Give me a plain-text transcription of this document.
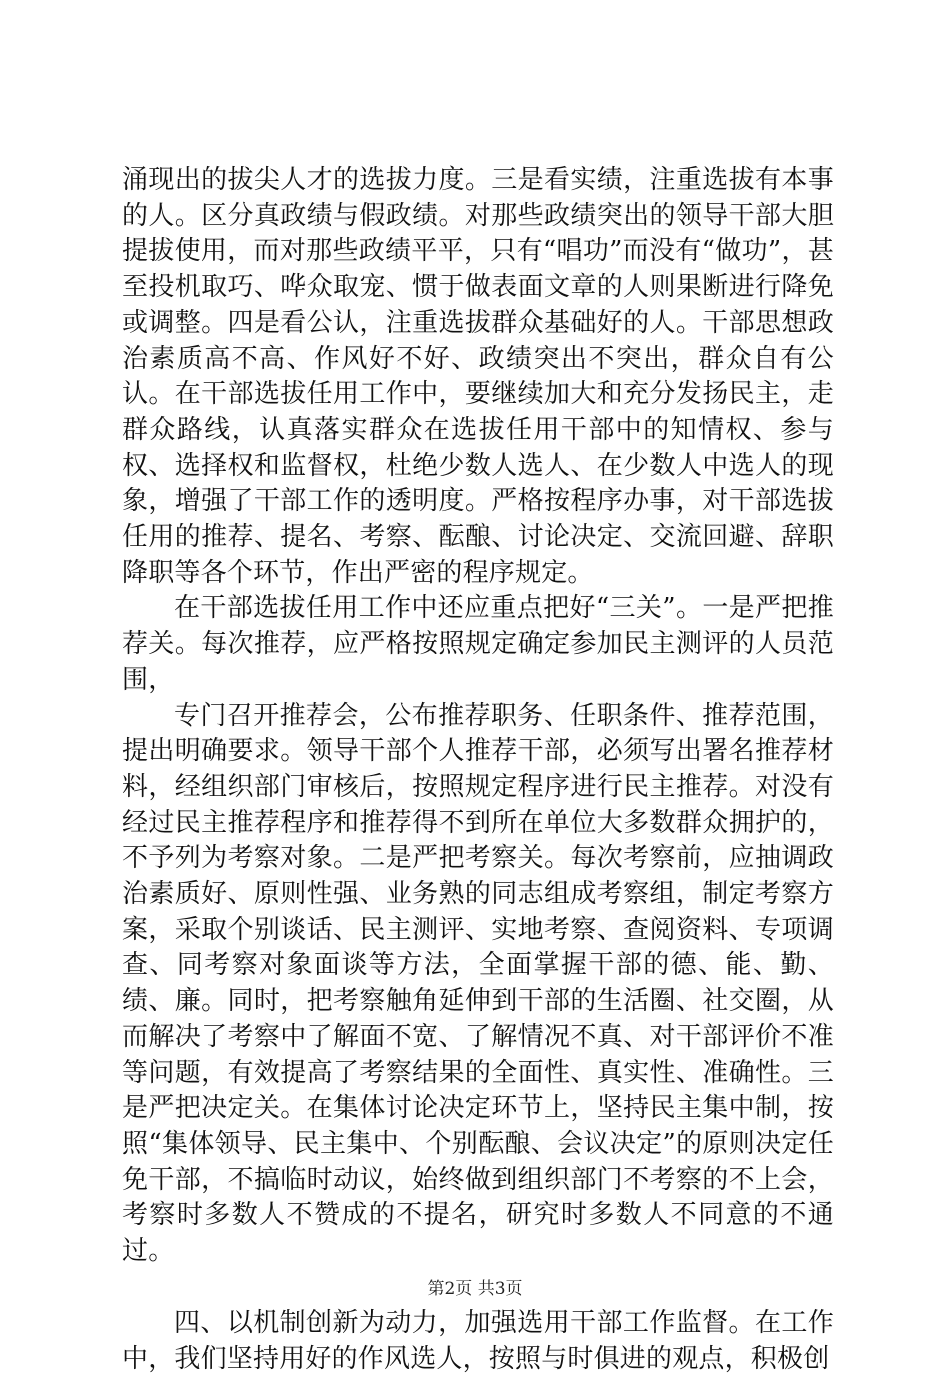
涌现出的拔尖人才的选拔力度。三是看实绩，注重选拔有本事的人。区分真政绩与假政绩。对那些政绩突出的领导干部大胆提拔使用，而对那些政绩平平，只有“唱功”而没有“做功”，甚至投机取巧、哗众取宠、惯于做表面文章的人则果断进行降免或调整。四是看公认，注重选拔群众基础好的人。干部思想政治素质高不高、作风好不好、政绩突出不突出，群众自有公认。在干部选拔任用工作中，要继续加大和充分发扬民主，走群众路线，认真落实群众在选拔任用干部中的知情权、参与权、选择权和监督权，杜绝少数人选人、在少数人中选人的现象，增强了干部工作的透明度。严格按程序办事，对干部选拔任用的推荐、提名、考察、酝酿、讨论决定、交流回避、辞职降职等各个环节，作出严密的程序规定。

在干部选拔任用工作中还应重点把好“三关”。一是严把推荐关。每次推荐，应严格按照规定确定参加民主测评的人员范围，

专门召开推荐会，公布推荐职务、任职条件、推荐范围，提出明确要求。领导干部个人推荐干部，必须写出署名推荐材料，经组织部门审核后，按照规定程序进行民主推荐。对没有经过民主推荐程序和推荐得不到所在单位大多数群众拥护的，不予列为考察对象。二是严把考察关。每次考察前，应抽调政治素质好、原则性强、业务熟的同志组成考察组，制定考察方案，采取个别谈话、民主测评、实地考察、查阅资料、专项调查、同考察对象面谈等方法，全面掌握干部的德、能、勤、绩、廉。同时，把考察触角延伸到干部的生活圈、社交圈，从而解决了考察中了解面不宽、了解情况不真、对干部评价不准等问题，有效提高了考察结果的全面性、真实性、准确性。三是严把决定关。在集体讨论决定环节上，坚持民主集中制，按照“集体领导、民主集中、个别酝酿、会议决定”的原则决定任免干部，不搞临时动议，始终做到组织部门不考察的不上会，考察时多数人不赞成的不提名，研究时多数人不同意的不通过。

四、以机制创新为动力，加强选用干部工作监督。在工作中，我们坚持用好的作风选人，按照与时俱进的观点，积极创

第2页 共3页
